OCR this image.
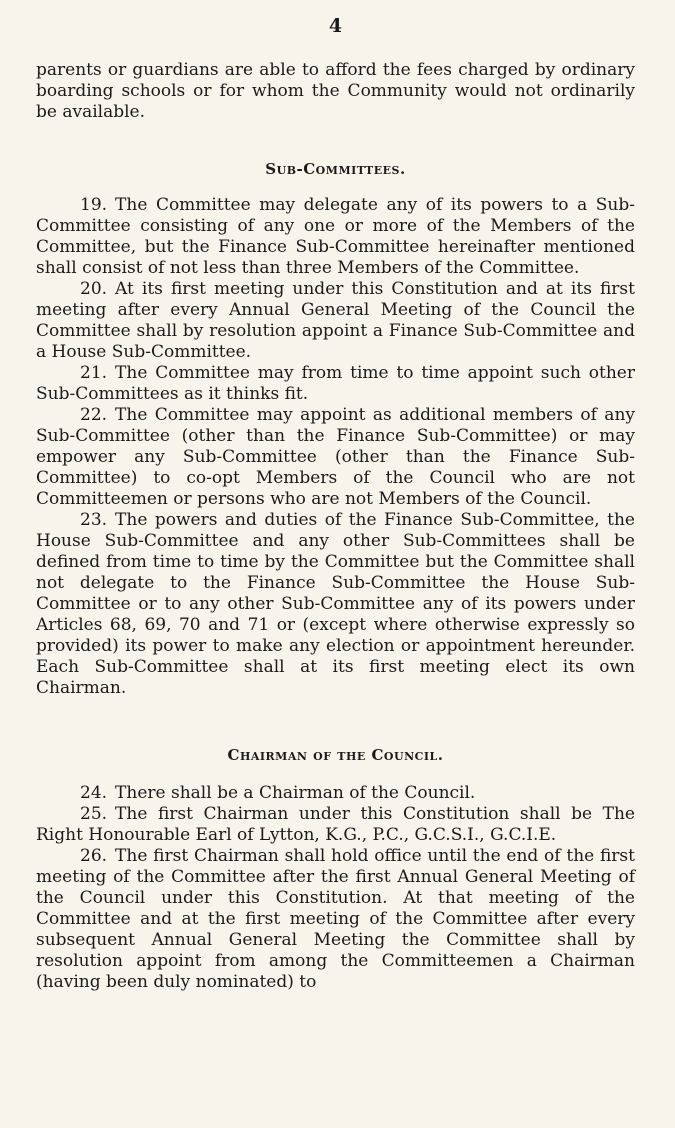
4

parents or guardians are able to afford the fees charged by ordinary boarding schools or for whom the Community would not ordinarily be available.

Sub-Committees.

19. The Committee may delegate any of its powers to a Sub-Committee consisting of any one or more of the Members of the Committee, but the Finance Sub-Committee hereinafter mentioned shall consist of not less than three Members of the Committee.

20. At its first meeting under this Constitution and at its first meeting after every Annual General Meeting of the Council the Committee shall by resolution appoint a Finance Sub-Committee and a House Sub-Committee.

21. The Committee may from time to time appoint such other Sub-Committees as it thinks fit.

22. The Committee may appoint as additional members of any Sub-Committee (other than the Finance Sub-Committee) or may empower any Sub-Committee (other than the Finance Sub-Committee) to co-opt Members of the Council who are not Committeemen or persons who are not Members of the Council.

23. The powers and duties of the Finance Sub-Committee, the House Sub-Committee and any other Sub-Committees shall be defined from time to time by the Committee but the Committee shall not delegate to the Finance Sub-Committee the House Sub-Committee or to any other Sub-Committee any of its powers under Articles 68, 69, 70 and 71 or (except where otherwise expressly so provided) its power to make any election or appointment hereunder. Each Sub-Committee shall at its first meeting elect its own Chairman.

Chairman of the Council.

24. There shall be a Chairman of the Council.

25. The first Chairman under this Constitution shall be The Right Honourable Earl of Lytton, K.G., P.C., G.C.S.I., G.C.I.E.

26. The first Chairman shall hold office until the end of the first meeting of the Committee after the first Annual General Meeting of the Council under this Constitution. At that meeting of the Committee and at the first meeting of the Committee after every subsequent Annual General Meeting the Committee shall by resolution appoint from among the Committeemen a Chairman (having been duly nominated) to
